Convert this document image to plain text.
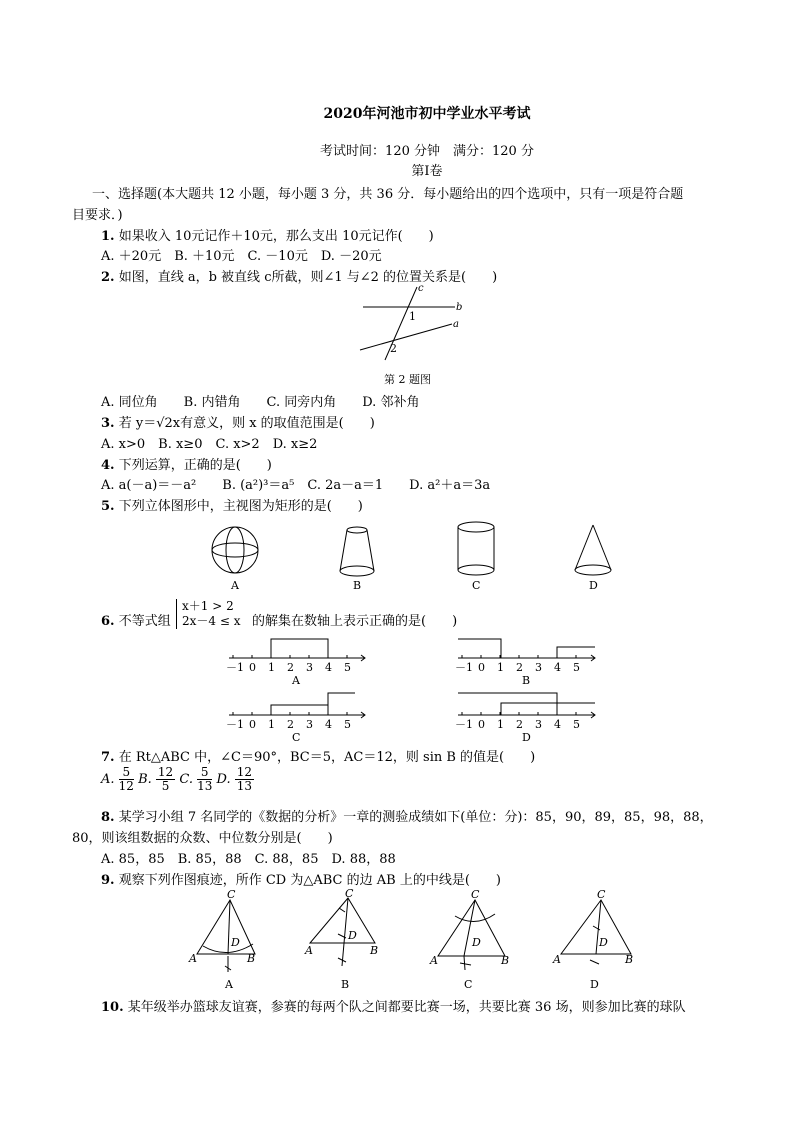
2020年河池市初中学业水平考试
考试时间：120 分钟　满分：120 分
第Ⅰ卷
一、选择题(本大题共 12 小题，每小题 3 分，共 36 分．每小题给出的四个选项中，只有一项是符合题
目要求．)
1. 如果收入 10元记作＋10元，那么支出 10元记作(　　)
A. ＋20元　B. ＋10元　C. －10元　D. －20元
2. 如图，直线 a，b 被直线 c所截，则∠1 与∠2 的位置关系是(　　)
c
b
a
1
2
第 2 题图
A. 同位角　　B. 内错角　　C. 同旁内角　　D. 邻补角
3. 若 y＝√2x有意义，则 x 的取值范围是(　　)
A. x>0　B. x≥0　C. x>2　D. x≥2
4. 下列运算，正确的是(　　)
A. a(－a)＝－a²　　B. (a²)³＝a⁵　C. 2a－a＝1　　D. a²＋a＝3a
5. 下列立体图形中，主视图为矩形的是(　　)
A	B	C	D
6. 不等式组
x＋1 > 2
2x－4 ≤ x 的解集在数轴上表示正确的是(　　)
－1 0 1 2 3 4 5	－1 0 1 2 3 4 5
－1 0 1 2 3 4 5	－1 0 1 2 3 4 5
A	B
C	D
7. 在 Rt△ABC 中，∠C＝90°，BC＝5，AC＝12，则 sin B 的值是(　　)
A. $\frac{5}{12} B$. $\frac{12}{5} C$. $\frac{5}{13} D$. $\frac{12}{13}$
8. 某学习小组 7 名同学的《数据的分析》一章的测验成绩如下(单位：分)：85，90，89，85，98，88，
80，则该组数据的众数、中位数分别是(　　)
A. 85，85　B. 85，88　C. 88，85　D. 88，88
9. 观察下列作图痕迹，所作 CD 为△ABC 的边 AB 上的中线是(　　)
C
A	B
D
C
A	B
D
C
A	B
D
C
A	B
D
A	B	C	D
10. 某年级举办篮球友谊赛，参赛的每两个队之间都要比赛一场，共要比赛 36 场，则参加比赛的球队
